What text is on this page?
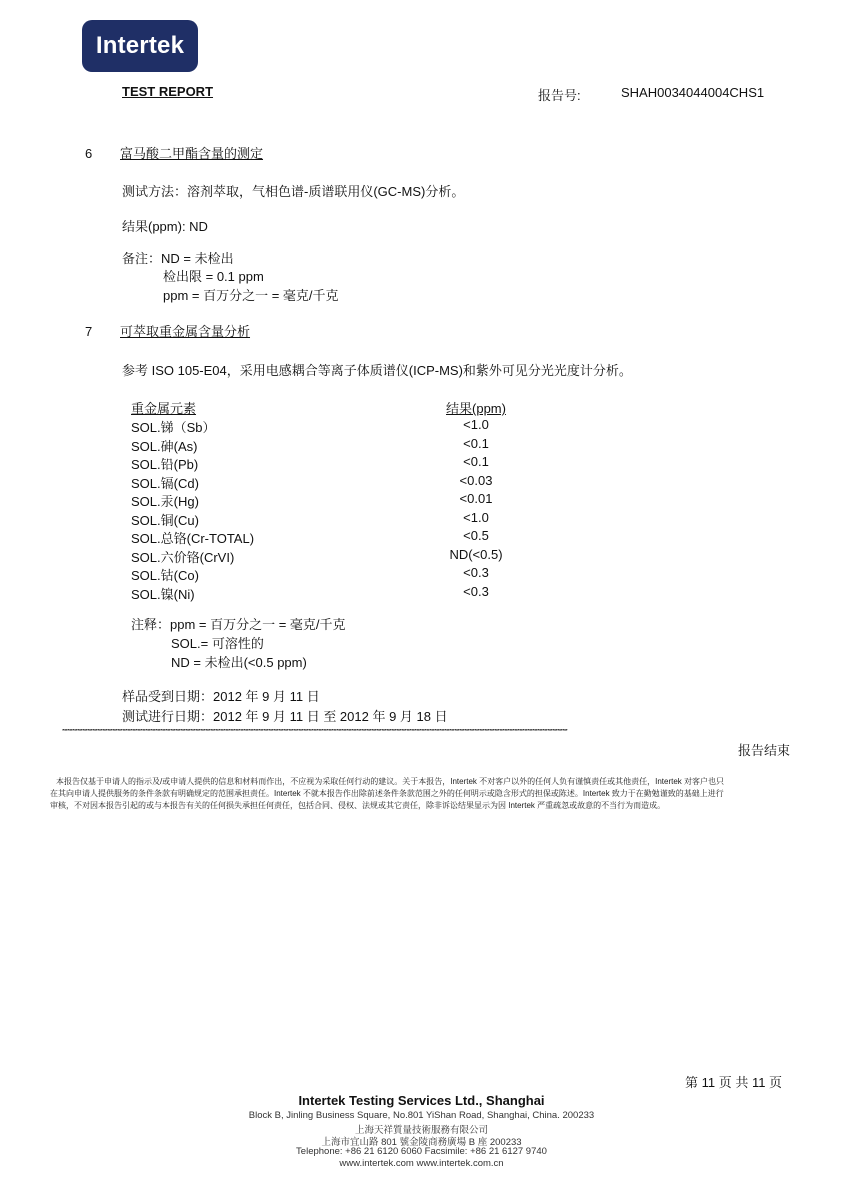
Intertek
TEST REPORT	报告号:	SHAH0034044004CHS1
6 富马酸二甲酯含量的测定
测试方法：溶剂萃取，气相色谱-质谱联用仪(GC-MS)分析。
结果(ppm): ND
备注：ND = 未检出
检出限 = 0.1 ppm
ppm = 百万分之一 = 毫克/千克
7 可萃取重金属含量分析
参考 ISO 105-E04，采用电感耦合等离子体质谱仪(ICP-MS)和紫外可见分光光度计分析。
重金属元素	结果(ppm)
SOL.锑（Sb）	<1.0
SOL.砷(As)	<0.1
SOL.铅(Pb)	<0.1
SOL.镉(Cd)	<0.03
SOL.汞(Hg)	<0.01
SOL.铜(Cu)	<1.0
SOL.总铬(Cr-TOTAL)	<0.5
SOL.六价铬(CrVI)	ND(<0.5)
SOL.钴(Co)	<0.3
SOL.镍(Ni)	<0.3
注释：ppm = 百万分之一 = 毫克/千克
SOL.= 可溶性的
ND = 未检出(<0.5 ppm)
样品受到日期：2012 年 9 月 11 日
测试进行日期：2012 年 9 月 11 日 至 2012 年 9 月 18 日
*********************************************************************************************************************************************************************************************************
报告结束
本报告仅基于申请人的指示及/或申请人提供的信息和材料而作出，不应视为采取任何行动的建议。关于本报告，Intertek 不对客户以外的任何人负有谨慎责任或其他责任，Intertek 对客户也只
在其向申请人提供服务的条件条款有明确规定的范围承担责任。Intertek 不就本报告作出除前述条件条款范围之外的任何明示或隐含形式的担保或陈述。Intertek 致力于在勤勉谨致的基础上进行
审核，不对因本报告引起的或与本报告有关的任何损失承担任何责任，包括合同、侵权、法规或其它责任，除非诉讼结果显示为因 Intertek 严重疏忽或故意的不当行为而造成。
第 11 页 共 11 页
Intertek Testing Services Ltd., Shanghai
Block B, Jinling Business Square, No.801 YiShan Road, Shanghai, China. 200233
上海天祥質量技術服務有限公司
上海市宜山路 801 號金陵商務廣場 B 座 200233
Telephone: +86 21 6120 6060 Facsimile: +86 21 6127 9740
www.intertek.com www.intertek.com.cn
